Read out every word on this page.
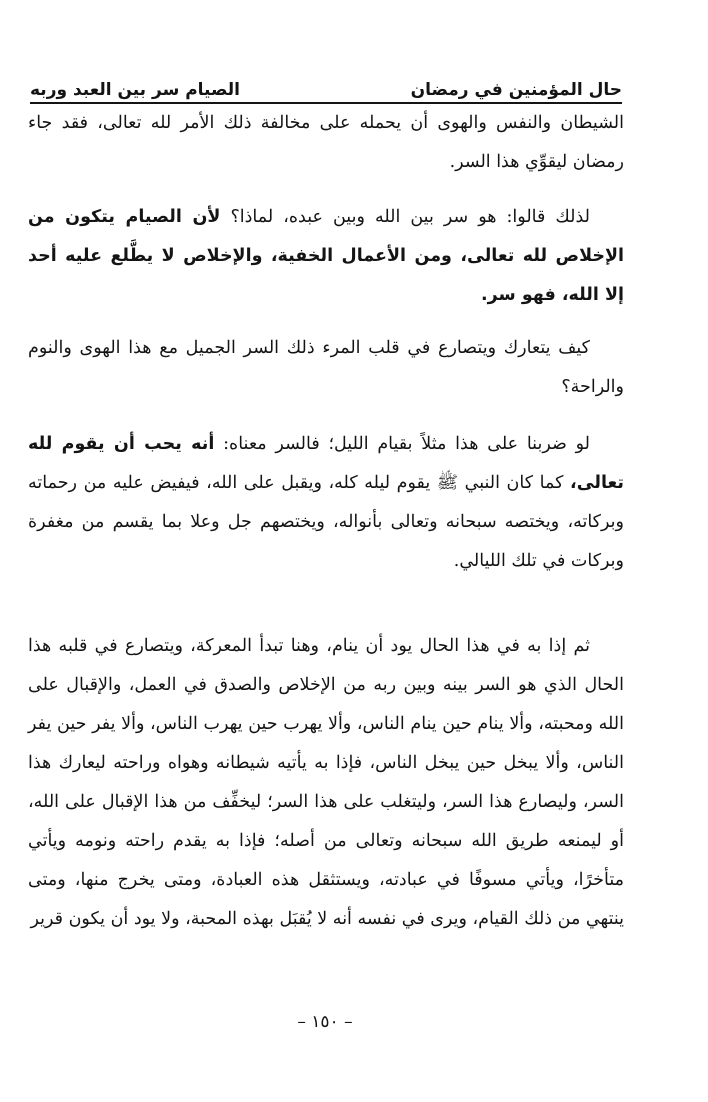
حال المؤمنين في رمضان
الصيام سر بين العبد وربه

الشيطان والنفس والهوى أن يحمله على مخالفة ذلك الأمر لله تعالى، فقد جاء رمضان ليقوِّي هذا السر.

لذلك قالوا: هو سر بين الله وبين عبده، لماذا؟ لأن الصيام يتكون من الإخلاص لله تعالى، ومن الأعمال الخفية، والإخلاص لا يطَّلع عليه أحد إلا الله، فهو سر.

كيف يتعارك ويتصارع في قلب المرء ذلك السر الجميل مع هذا الهوى والنوم والراحة؟

لو ضربنا على هذا مثلاً بقيام الليل؛ فالسر معناه: أنه يحب أن يقوم لله تعالى، كما كان النبي ﷺ يقوم ليله كله، ويقبل على الله، فيفيض عليه من رحماته وبركاته، ويختصه سبحانه وتعالى بأنواله، ويختصهم جل وعلا بما يقسم من مغفرة وبركات في تلك الليالي.

ثم إذا به في هذا الحال يود أن ينام، وهنا تبدأ المعركة، ويتصارع في قلبه هذا الحال الذي هو السر بينه وبين ربه من الإخلاص والصدق في العمل، والإقبال على الله ومحبته، وألا ينام حين ينام الناس، وألا يهرب حين يهرب الناس، وألا يفر حين يفر الناس، وألا يبخل حين يبخل الناس، فإذا به يأتيه شيطانه وهواه وراحته ليعارك هذا السر، وليصارع هذا السر، وليتغلب على هذا السر؛ ليخفِّف من هذا الإقبال على الله، أو ليمنعه طريق الله سبحانه وتعالى من أصله؛ فإذا به يقدم راحته ونومه ويأتي متأخرًا، ويأتي مسوفًا في عبادته، ويستثقل هذه العبادة، ومتى يخرج منها، ومتى ينتهي من ذلك القيام، ويرى في نفسه أنه لا يُقبَل بهذه المحبة، ولا يود أن يكون قرير

– ١٥٠ –
